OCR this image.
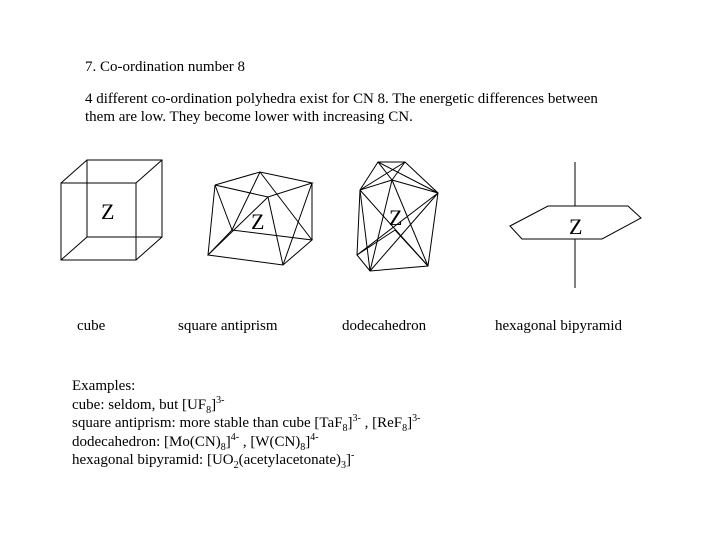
7. Co-ordination number 8
4 different co-ordination polyhedra exist for CN 8. The energetic differences between
them are low. They become lower with increasing CN.
Z	Z	Z	Z
cube	square antiprism	dodecahedron	hexagonal bipyramid
Examples:
cube: seldom, but $[UF_8]^{3-}$
square antiprism: more stable than cube $[TaF_8]^{3-}$ , $[ReF_8]^{3-}$
dodecahedron: $[Mo(CN)_8]^{4-}$ , $[W(CN)_8]^{4-}$
hexagonal bipyramid: $[UO_2(acetylacetonate)_3]^-$
